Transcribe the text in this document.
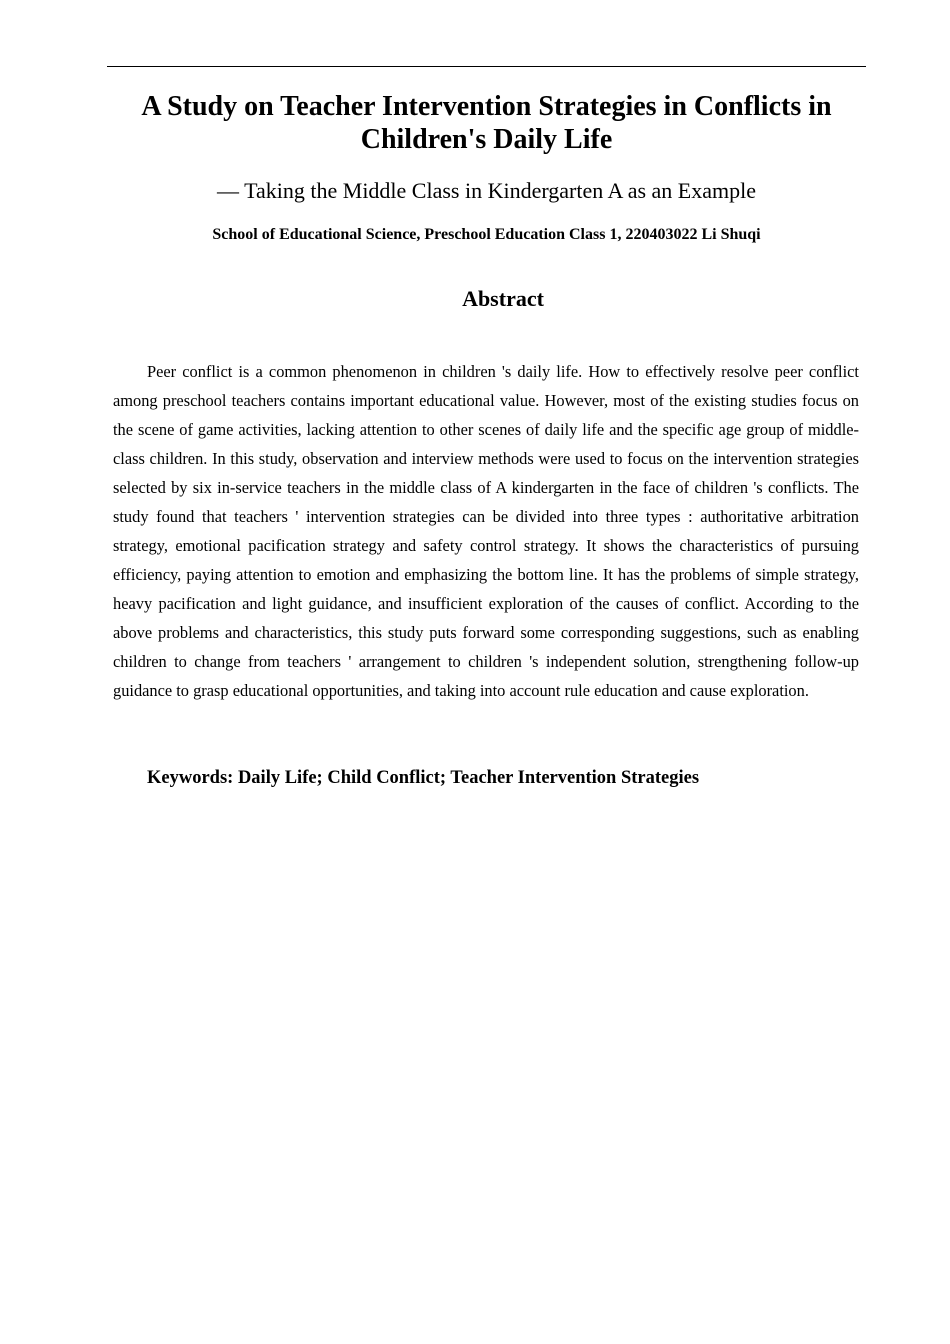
A Study on Teacher Intervention Strategies in Conflicts in Children's Daily Life
— Taking the Middle Class in Kindergarten A as an Example

School of Educational Science, Preschool Education Class 1, 220403022 Li Shuqi

Abstract

Peer conflict is a common phenomenon in children 's daily life. How to effectively resolve peer conflict among preschool teachers contains important educational value. However, most of the existing studies focus on the scene of game activities, lacking attention to other scenes of daily life and the specific age group of middle-class children. In this study, observation and interview methods were used to focus on the intervention strategies selected by six in-service teachers in the middle class of A kindergarten in the face of children 's conflicts. The study found that teachers ' intervention strategies can be divided into three types : authoritative arbitration strategy, emotional pacification strategy and safety control strategy. It shows the characteristics of pursuing efficiency, paying attention to emotion and emphasizing the bottom line. It has the problems of simple strategy, heavy pacification and light guidance, and insufficient exploration of the causes of conflict. According to the above problems and characteristics, this study puts forward some corresponding suggestions, such as enabling children to change from teachers ' arrangement to children 's independent solution, strengthening follow-up guidance to grasp educational opportunities, and taking into account rule education and cause exploration.

Keywords: Daily Life; Child Conflict; Teacher Intervention Strategies
